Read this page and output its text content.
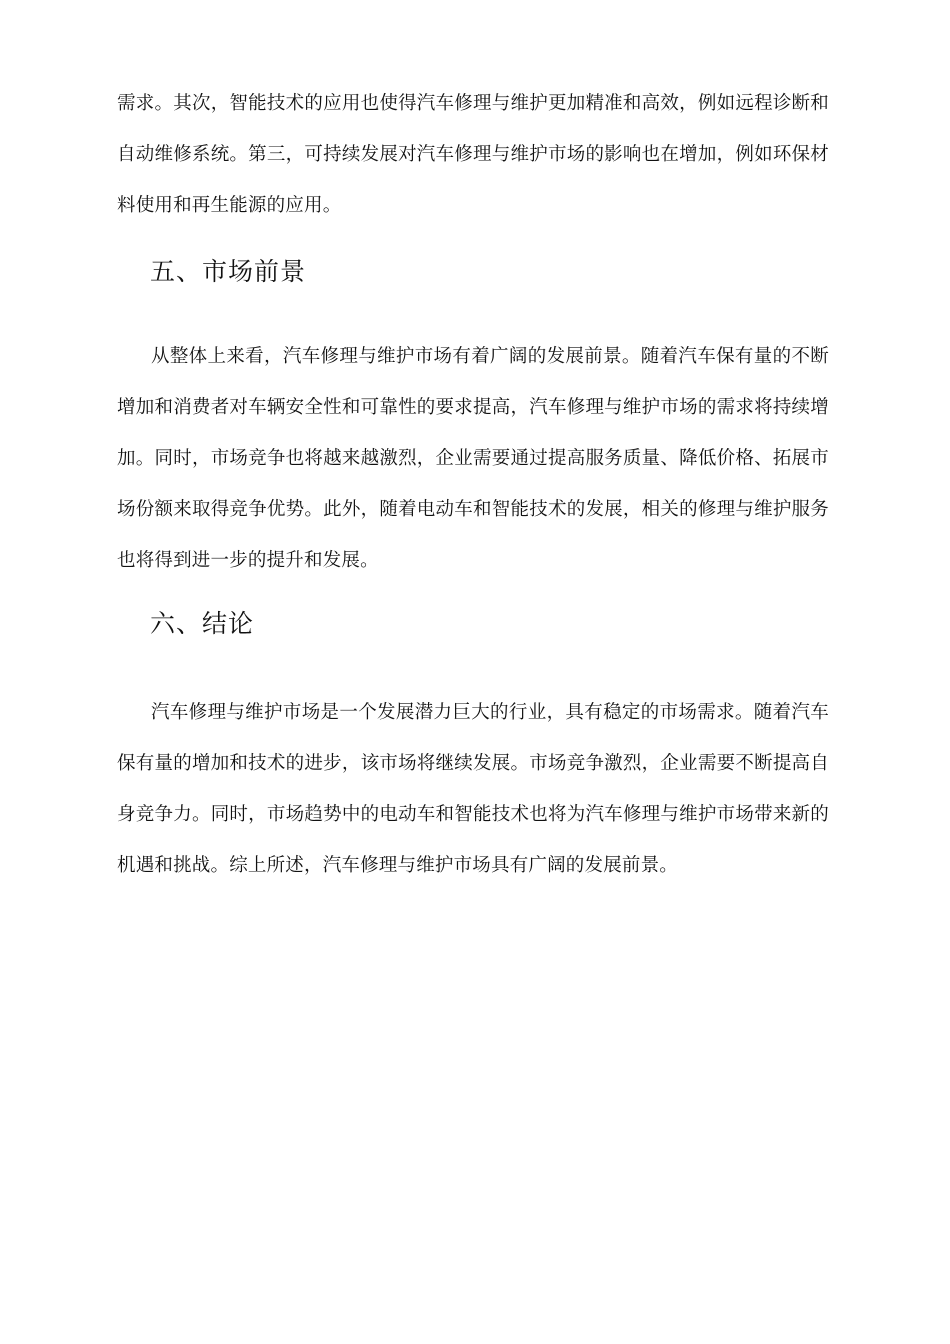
需求。其次，智能技术的应用也使得汽车修理与维护更加精准和高效，例如远程诊断和自动维修系统。第三，可持续发展对汽车修理与维护市场的影响也在增加，例如环保材料使用和再生能源的应用。

五、市场前景

从整体上来看，汽车修理与维护市场有着广阔的发展前景。随着汽车保有量的不断增加和消费者对车辆安全性和可靠性的要求提高，汽车修理与维护市场的需求将持续增加。同时，市场竞争也将越来越激烈，企业需要通过提高服务质量、降低价格、拓展市场份额来取得竞争优势。此外，随着电动车和智能技术的发展，相关的修理与维护服务也将得到进一步的提升和发展。

六、结论

汽车修理与维护市场是一个发展潜力巨大的行业，具有稳定的市场需求。随着汽车保有量的增加和技术的进步，该市场将继续发展。市场竞争激烈，企业需要不断提高自身竞争力。同时，市场趋势中的电动车和智能技术也将为汽车修理与维护市场带来新的机遇和挑战。综上所述，汽车修理与维护市场具有广阔的发展前景。
